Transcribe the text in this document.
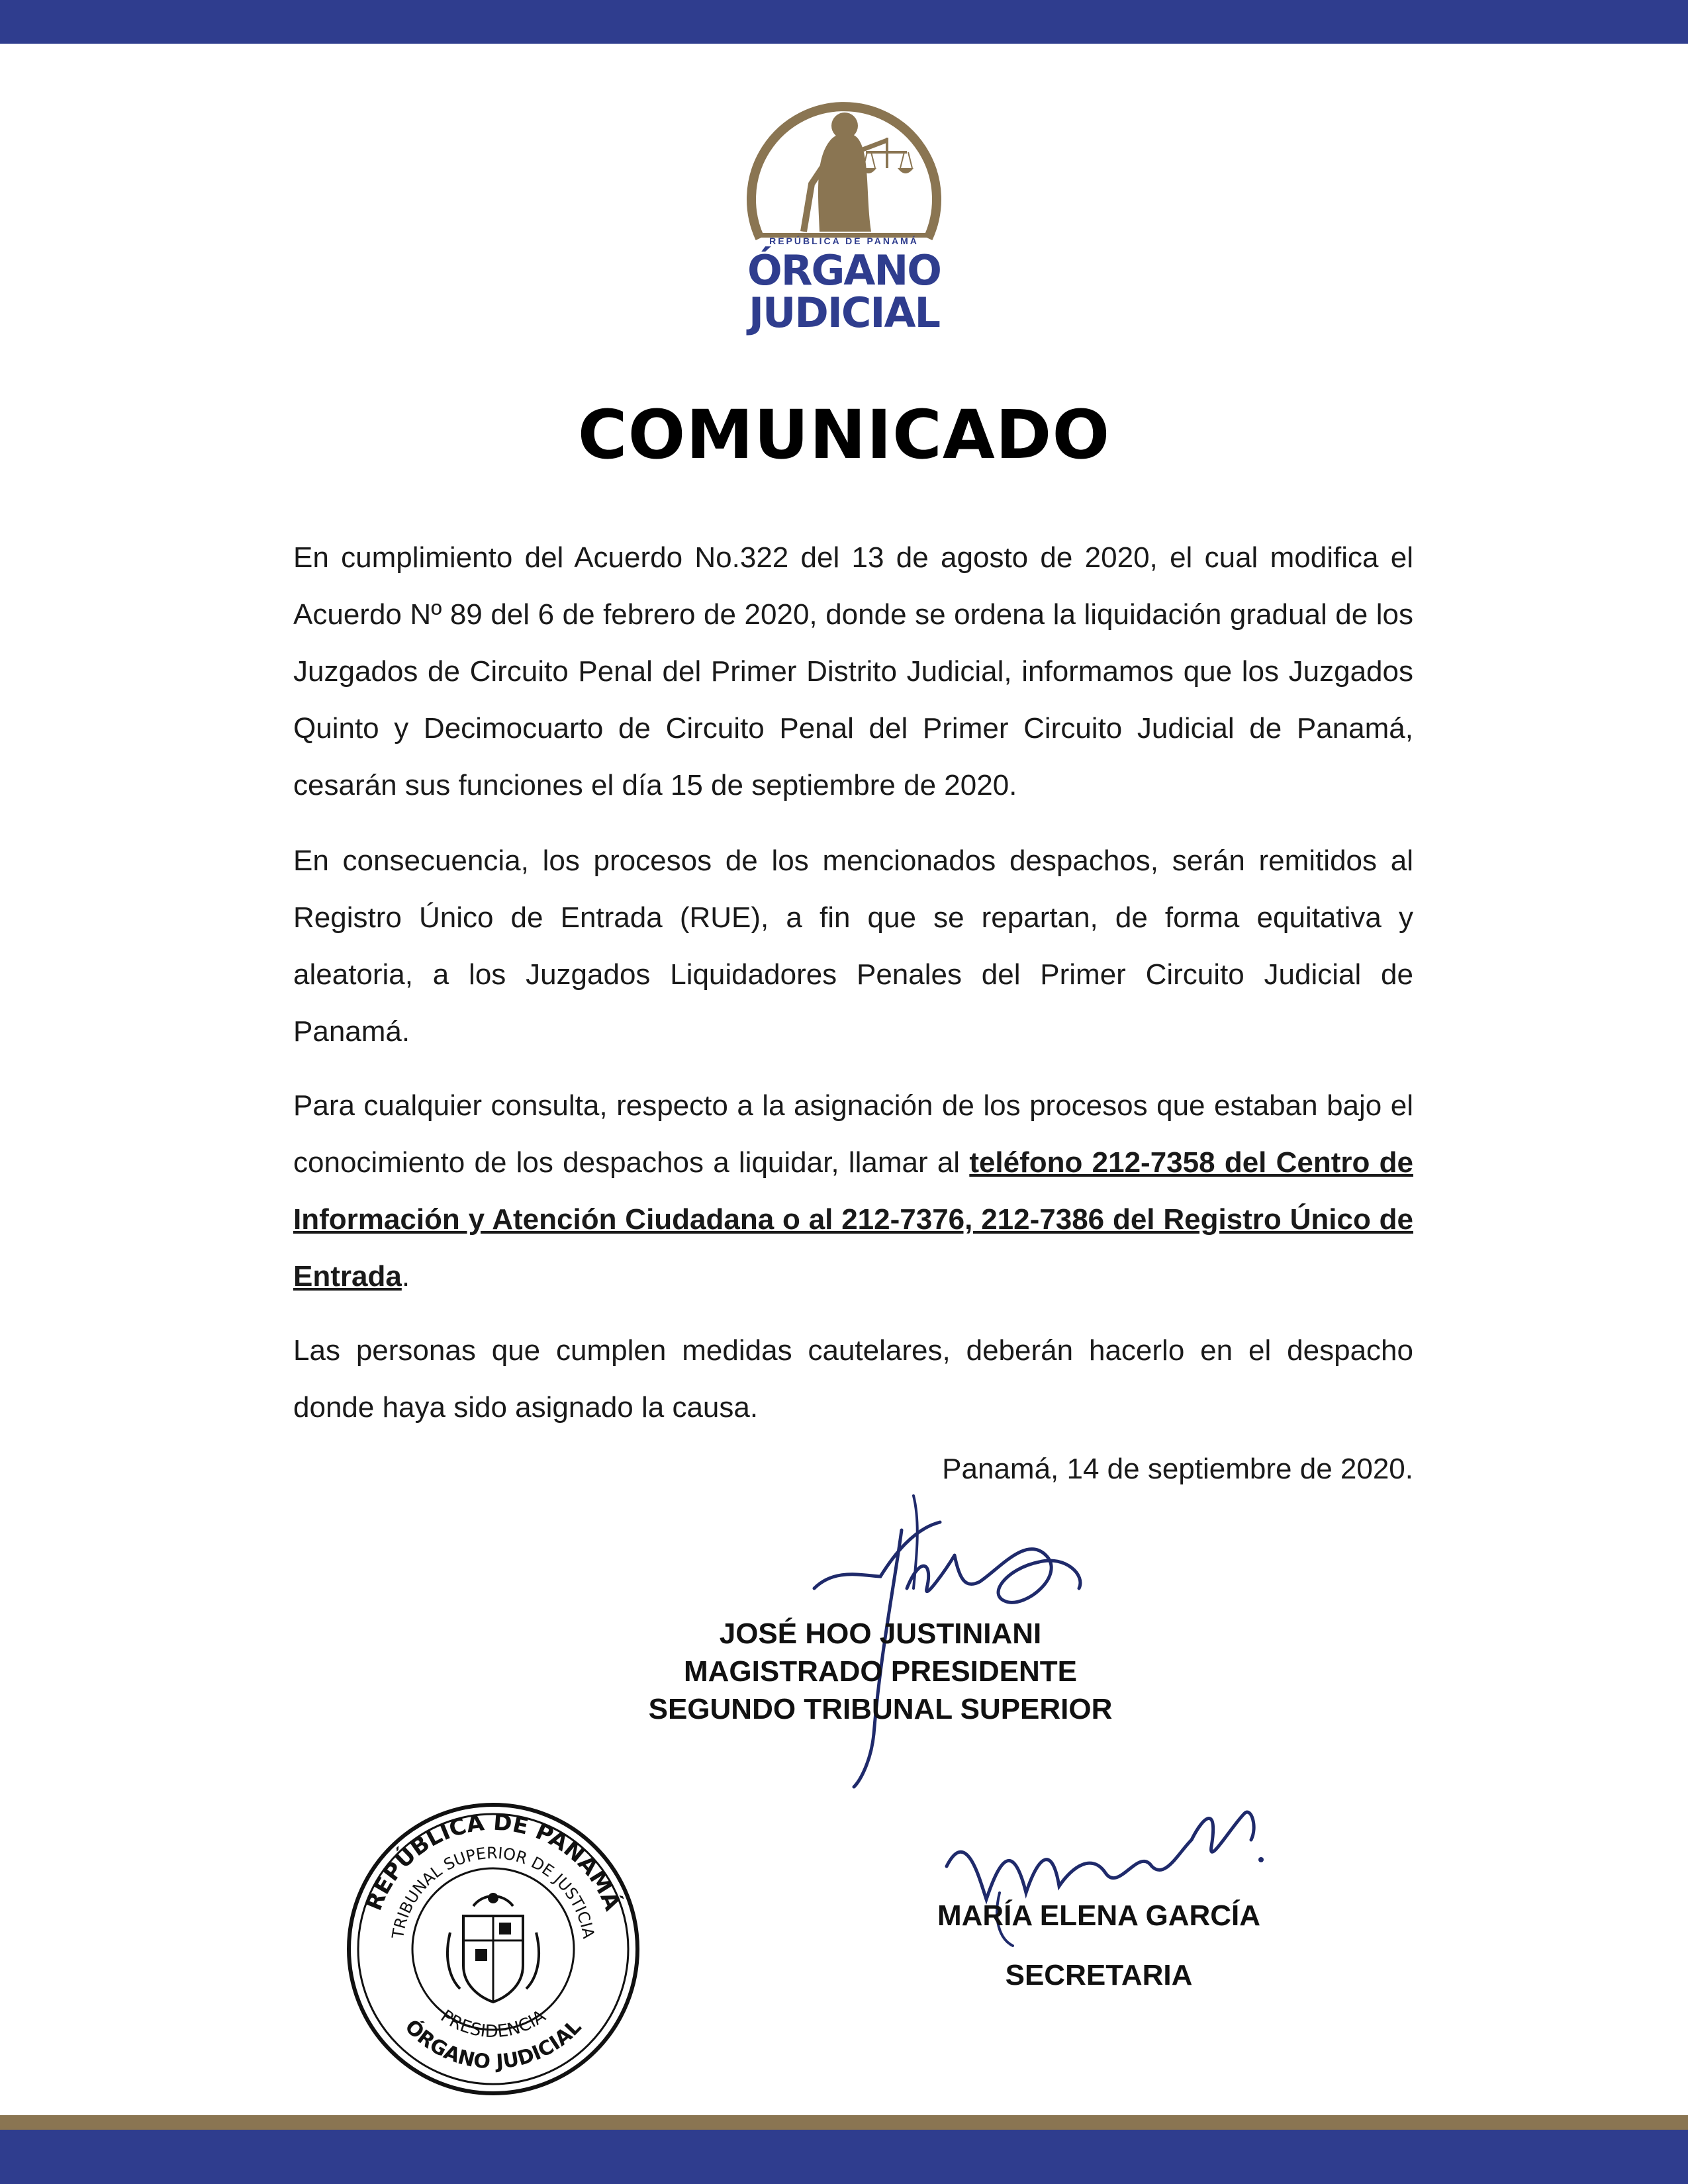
REPÚBLICA DE PANAMÁ
ÓRGANO
JUDICIAL
COMUNICADO

En cumplimiento del Acuerdo No.322 del 13 de agosto de 2020, el cual modifica el Acuerdo Nº 89 del 6 de febrero de 2020, donde se ordena la liquidación gradual de los Juzgados de Circuito Penal del Primer Distrito Judicial, informamos que los Juzgados Quinto y Decimocuarto de Circuito Penal del Primer Circuito Judicial de Panamá, cesarán sus funciones el día 15 de septiembre de 2020.

En consecuencia, los procesos de los mencionados despachos, serán remitidos al Registro Único de Entrada (RUE), a fin que se repartan, de forma equitativa y aleatoria, a los Juzgados Liquidadores Penales del Primer Circuito Judicial de Panamá.

Para cualquier consulta, respecto a la asignación de los procesos que estaban bajo el conocimiento de los despachos a liquidar, llamar al teléfono 212-7358 del Centro de Información y Atención Ciudadana o al 212-7376, 212-7386 del Registro Único de Entrada.

Las personas que cumplen medidas cautelares, deberán hacerlo en el despacho donde haya sido asignado la causa.

Panamá, 14 de septiembre de 2020.
JOSÉ HOO JUSTINIANI
MAGISTRADO PRESIDENTE
SEGUNDO TRIBUNAL SUPERIOR
MARÍA ELENA GARCÍA
SECRETARIA
REPÚBLICA DE PANAMÁ
TRIBUNAL SUPERIOR DE JUSTICIA
PRESIDENCIA
ÓRGANO JUDICIAL
